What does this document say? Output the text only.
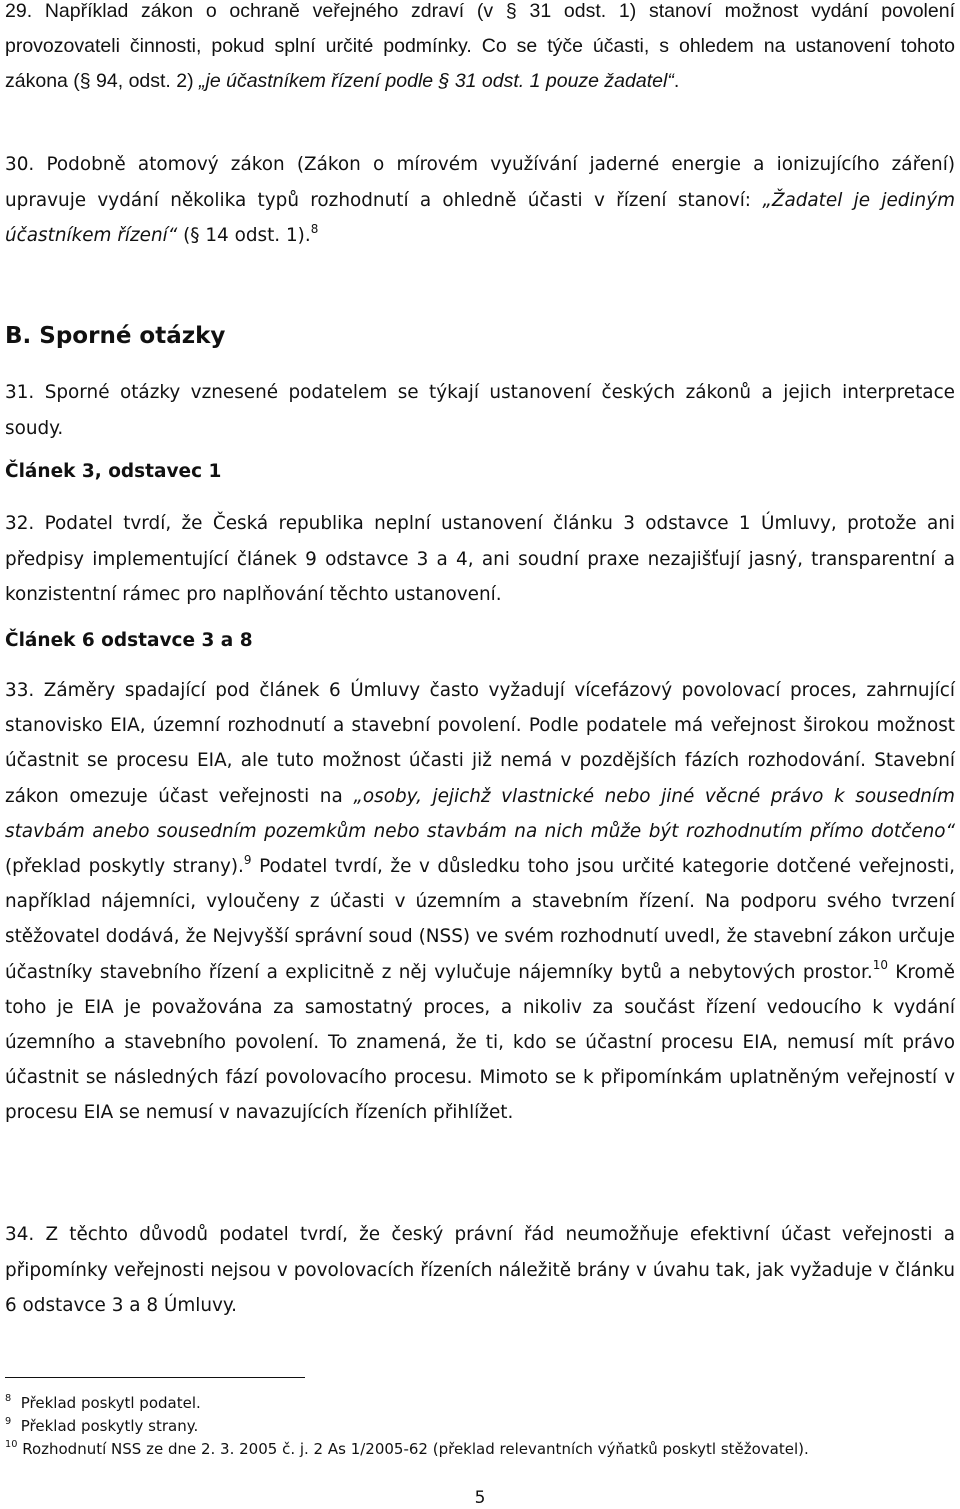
29. Například zákon o ochraně veřejného zdraví (v § 31 odst. 1) stanoví možnost vydání povolení provozovateli činnosti, pokud splní určité podmínky. Co se týče účasti, s ohledem na ustanovení tohoto zákona (§ 94, odst. 2) „je účastníkem řízení podle § 31 odst. 1 pouze žadatel“.

30. Podobně atomový zákon (Zákon o mírovém využívání jaderné energie a ionizujícího záření) upravuje vydání několika typů rozhodnutí a ohledně účasti v řízení stanoví: „Žadatel je jediným účastníkem řízení“ (§ 14 odst. 1).$^8$

B. Sporné otázky

31. Sporné otázky vznesené podatelem se týkají ustanovení českých zákonů a jejich interpretace soudy.

Článek 3, odstavec 1

32. Podatel tvrdí, že Česká republika neplní ustanovení článku 3 odstavce 1 Úmluvy, protože ani předpisy implementující článek 9 odstavce 3 a 4, ani soudní praxe nezajišťují jasný, transparentní a konzistentní rámec pro naplňování těchto ustanovení.

Článek 6 odstavce 3 a 8

33. Záměry spadající pod článek 6 Úmluvy často vyžadují vícefázový povolovací proces, zahrnující stanovisko EIA, územní rozhodnutí a stavební povolení. Podle podatele má veřejnost širokou možnost účastnit se procesu EIA, ale tuto možnost účasti již nemá v pozdějších fázích rozhodování. Stavební zákon omezuje účast veřejnosti na „osoby, jejichž vlastnické nebo jiné věcné právo k sousedním stavbám anebo sousedním pozemkům nebo stavbám na nich může být rozhodnutím přímo dotčeno“ (překlad poskytly strany).$^9$ Podatel tvrdí, že v důsledku toho jsou určité kategorie dotčené veřejnosti, například nájemníci, vyloučeny z účasti v územním a stavebním řízení. Na podporu svého tvrzení stěžovatel dodává, že Nejvyšší správní soud (NSS) ve svém rozhodnutí uvedl, že stavební zákon určuje účastníky stavebního řízení a explicitně z něj vylučuje nájemníky bytů a nebytových prostor.$^{10}$ Kromě toho je EIA je považována za samostatný proces, a nikoliv za součást řízení vedoucího k vydání územního a stavebního povolení. To znamená, že ti, kdo se účastní procesu EIA, nemusí mít právo účastnit se následných fází povolovacího procesu. Mimoto se k připomínkám uplatněným veřejností v procesu EIA se nemusí v navazujících řízeních přihlížet.

34. Z těchto důvodů podatel tvrdí, že český právní řád neumožňuje efektivní účast veřejnosti a připomínky veřejnosti nejsou v povolovacích řízeních náležitě brány v úvahu tak, jak vyžaduje v článku 6 odstavce 3 a 8 Úmluvy.

$^8$ Překlad poskytl podatel.

$^9$ Překlad poskytly strany.

$^{10}$ Rozhodnutí NSS ze dne 2. 3. 2005 č. j. 2 As 1/2005-62 (překlad relevantních výňatků poskytl stěžovatel).

5
